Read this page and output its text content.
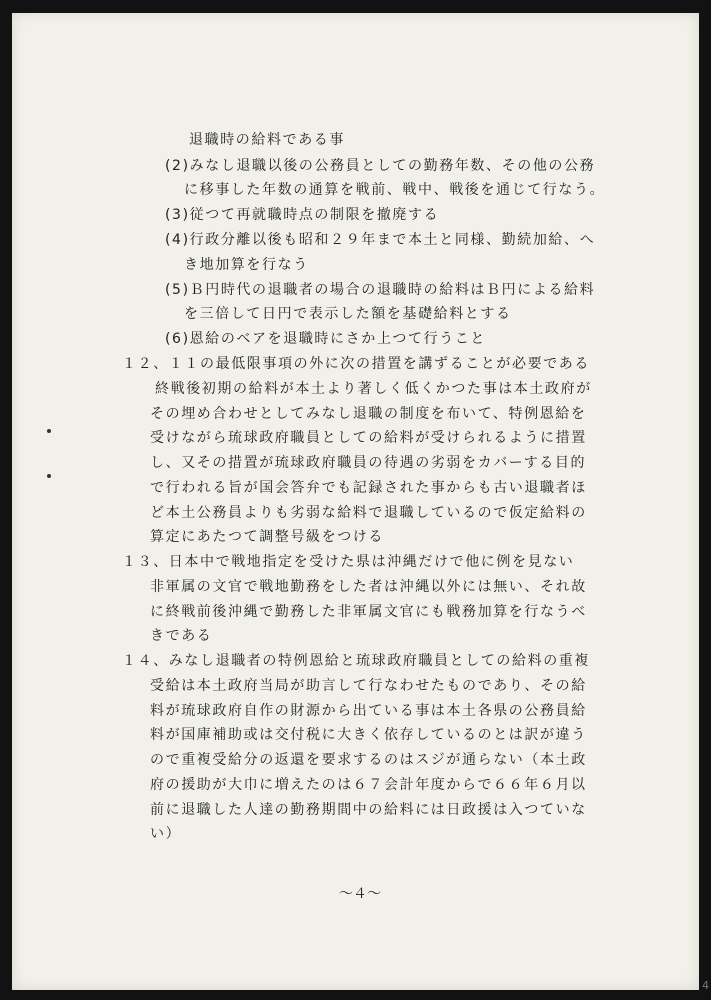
退職時の給料である事
(2)みなし退職以後の公務員としての勤務年数、その他の公務
に移事した年数の通算を戦前、戦中、戦後を通じて行なう。
(3)従つて再就職時点の制限を撤廃する
(4)行政分離以後も昭和２９年まで本土と同様、勤続加給、へ
き地加算を行なう
(5)Ｂ円時代の退職者の場合の退職時の給料はＢ円による給料
を三倍して日円で表示した額を基礎給料とする
(6)恩給のベアを退職時にさか上つて行うこと
１２、１１の最低限事項の外に次の措置を講ずることが必要である
終戦後初期の給料が本土より著しく低くかつた事は本土政府が
その埋め合わせとしてみなし退職の制度を布いて、特例恩給を
受けながら琉球政府職員としての給料が受けられるように措置
し、又その措置が琉球政府職員の待遇の劣弱をカバーする目的
で行われる旨が国会答弁でも記録された事からも古い退職者ほ
ど本土公務員よりも劣弱な給料で退職しているので仮定給料の
算定にあたつて調整号級をつける
１３、日本中で戦地指定を受けた県は沖縄だけで他に例を見ない
非軍属の文官で戦地勤務をした者は沖縄以外には無い、それ故
に終戦前後沖縄で勤務した非軍属文官にも戦務加算を行なうべ
きである
１４、みなし退職者の特例恩給と琉球政府職員としての給料の重複
受給は本土政府当局が助言して行なわせたものであり、その給
料が琉球政府自作の財源から出ている事は本土各県の公務員給
料が国庫補助或は交付税に大きく依存しているのとは訳が違う
ので重複受給分の返還を要求するのはスジが通らない（本土政
府の援助が大巾に増えたのは６７会計年度からで６６年６月以
前に退職した人達の勤務期間中の給料には日政援は入つていな
い）
～４～
4
